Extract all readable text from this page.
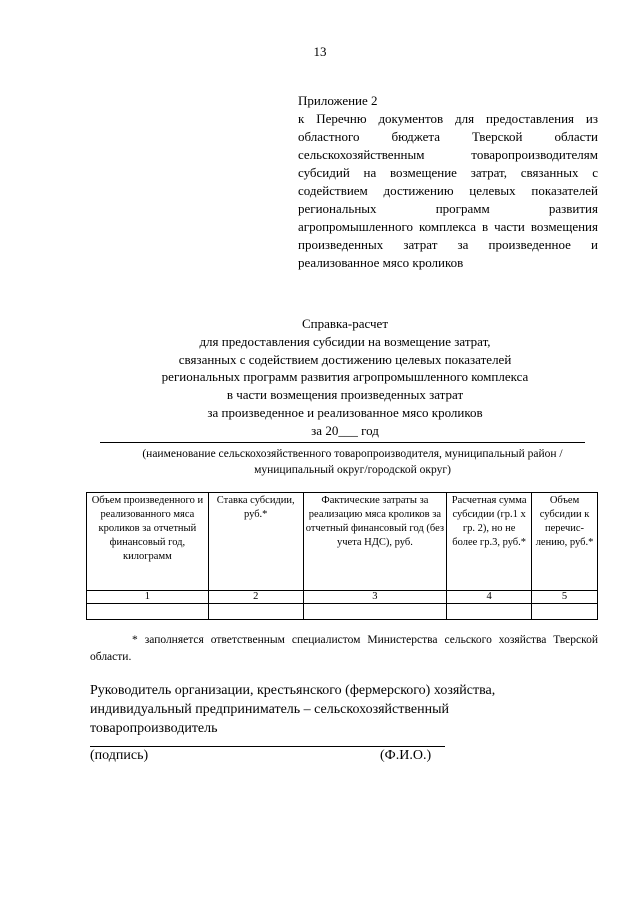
13

Приложение 2

к Перечню документов для предоставления из областного бюджета Тверской области сельскохозяйственным товаропроизводителям субсидий на возмещение затрат, связанных с содействием достижению целевых показателей региональных программ развития агропромышленного комплекса в части возмещения произведенных затрат за произведенное и реализованное мясо кроликов

Справка-расчет
для предоставления субсидии на возмещение затрат,
связанных с содействием достижению целевых показателей
региональных программ развития агропромышленного комплекса
в части возмещения произведенных затрат
за произведенное и реализованное мясо кроликов
за 20___ год
(наименование сельскохозяйственного товаропроизводителя, муниципальный район /
муниципальный округ/городской округ)
Объем произведенного и реализованного мяса кроликов за отчетный финансовый год, килограмм	Ставка субсидии, руб.*	Фактические затраты за реализацию мяса кроликов за отчетный финансовый год (без учета НДС), руб.	Расчетная сумма субсидии (гр.1 х гр. 2), но не более гр.3, руб.*	Объем субсидии к перечис-лению, руб.*
1	2	3	4	5

* заполняется ответственным специалистом Министерства сельского хозяйства Тверской области.
Руководитель организации, крестьянского (фермерского) хозяйства,
индивидуальный предприниматель – сельскохозяйственный
товаропроизводитель
(подпись)	(Ф.И.О.)
